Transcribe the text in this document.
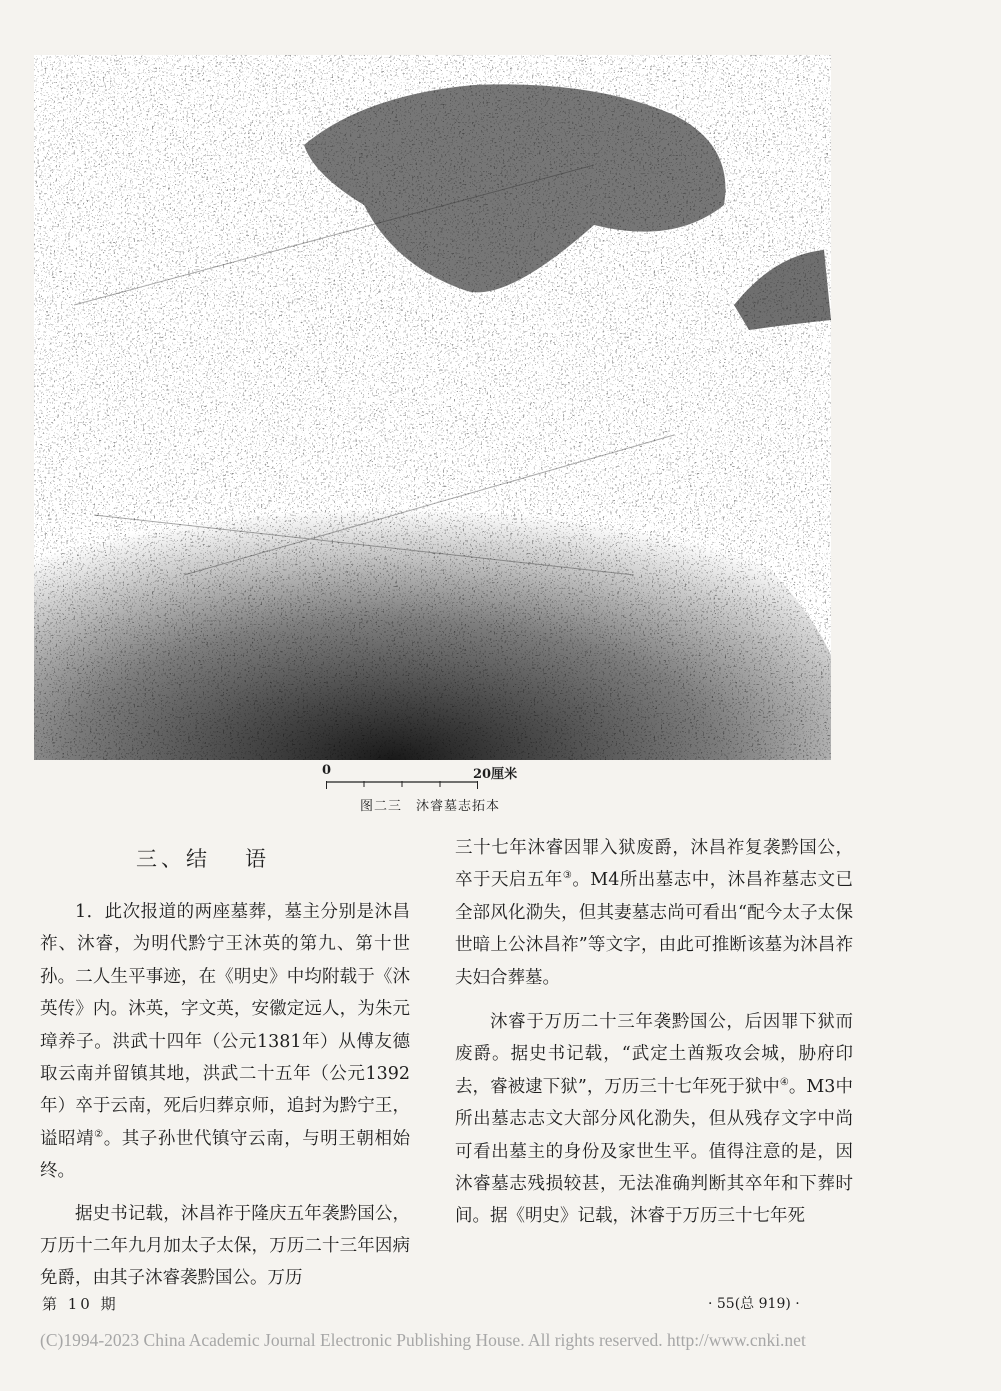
0	20厘米
图二三　沐睿墓志拓本
三、结 语

1．此次报道的两座墓葬，墓主分别是沐昌祚、沐睿，为明代黔宁王沐英的第九、第十世孙。二人生平事迹，在《明史》中均附载于《沐英传》内。沐英，字文英，安徽定远人，为朱元璋养子。洪武十四年（公元1381年）从傅友德取云南并留镇其地，洪武二十五年（公元1392年）卒于云南，死后归葬京师，追封为黔宁王，谥昭靖②。其子孙世代镇守云南，与明王朝相始终。

据史书记载，沐昌祚于隆庆五年袭黔国公，万历十二年九月加太子太保，万历二十三年因病免爵，由其子沐睿袭黔国公。万历

三十七年沐睿因罪入狱废爵，沐昌祚复袭黔国公，卒于天启五年③。M4所出墓志中，沐昌祚墓志文已全部风化泐失，但其妻墓志尚可看出“配今太子太保世暗上公沐昌祚”等文字，由此可推断该墓为沐昌祚夫妇合葬墓。

沐睿于万历二十三年袭黔国公，后因罪下狱而废爵。据史书记载，“武定土酋叛攻会城，胁府印去，睿被逮下狱”，万历三十七年死于狱中④。M3中所出墓志志文大部分风化泐失，但从残存文字中尚可看出墓主的身份及家世生平。值得注意的是，因沐睿墓志残损较甚，无法准确判断其卒年和下葬时间。据《明史》记载，沐睿于万历三十七年死

第 10 期	· 55(总 919) ·
(C)1994-2023 China Academic Journal Electronic Publishing House. All rights reserved. http://www.cnki.net
